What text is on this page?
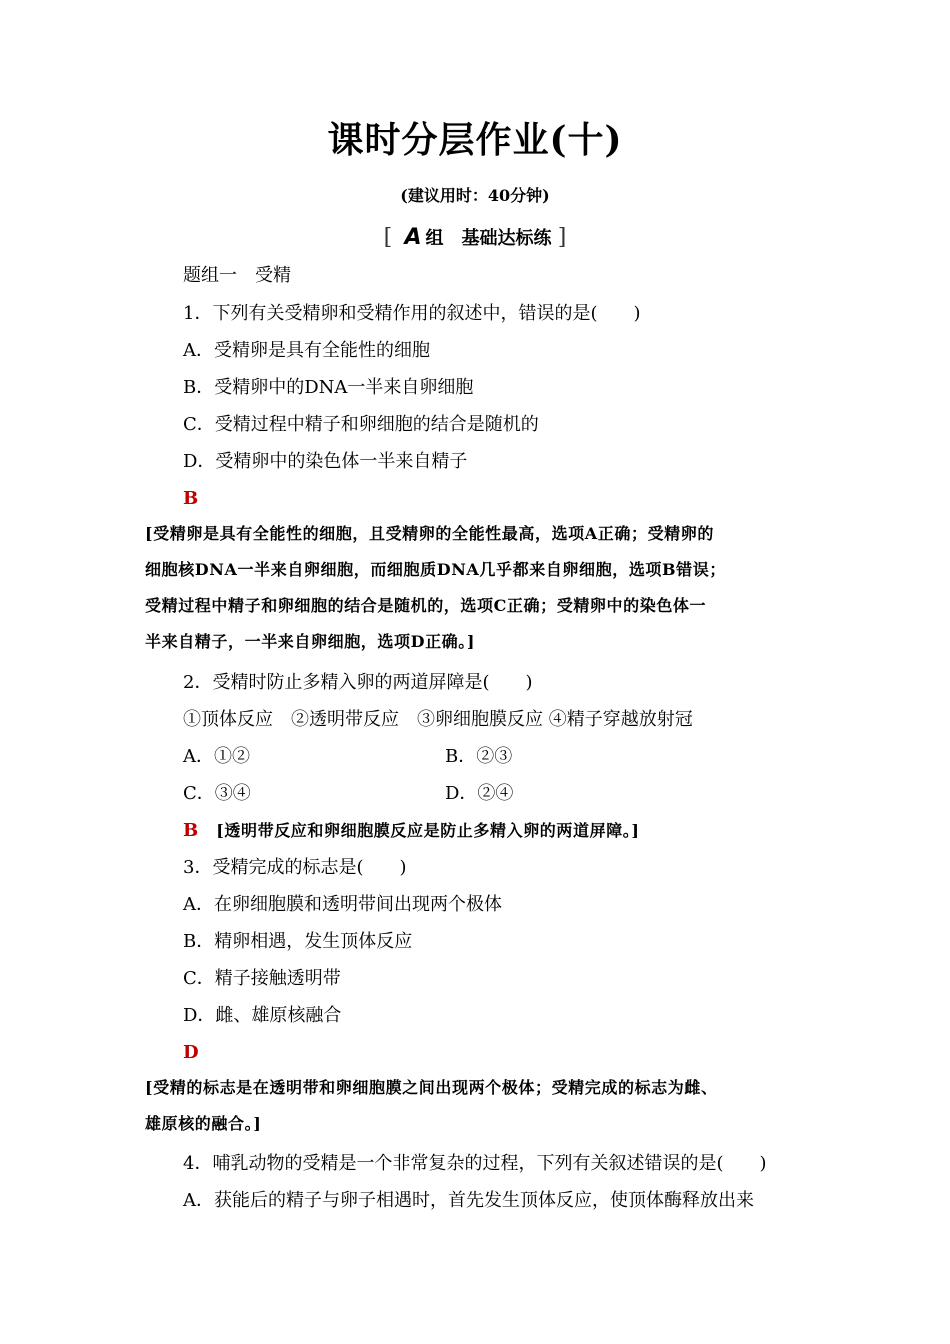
课时分层作业(十)
(建议用时：40分钟)
[ A 组　基础达标练 ]
题组一　受精
1．下列有关受精卵和受精作用的叙述中，错误的是(　　)
A．受精卵是具有全能性的细胞
B．受精卵中的DNA一半来自卵细胞
C．受精过程中精子和卵细胞的结合是随机的
D．受精卵中的染色体一半来自精子
B
[受精卵是具有全能性的细胞，且受精卵的全能性最高，选项A正确；受精卵的
细胞核DNA一半来自卵细胞，而细胞质DNA几乎都来自卵细胞，选项B错误；
受精过程中精子和卵细胞的结合是随机的，选项C正确；受精卵中的染色体一
半来自精子，一半来自卵细胞，选项D正确。]
2．受精时防止多精入卵的两道屏障是(　　)
①顶体反应　②透明带反应　③卵细胞膜反应 ④精子穿越放射冠
A．①②	B．②③
C．③④	D．②④
B [透明带反应和卵细胞膜反应是防止多精入卵的两道屏障。]
3．受精完成的标志是(　　)
A．在卵细胞膜和透明带间出现两个极体
B．精卵相遇，发生顶体反应
C．精子接触透明带
D．雌、雄原核融合
D
[受精的标志是在透明带和卵细胞膜之间出现两个极体；受精完成的标志为雌、
雄原核的融合。]
4．哺乳动物的受精是一个非常复杂的过程，下列有关叙述错误的是(　　)
A．获能后的精子与卵子相遇时，首先发生顶体反应，使顶体酶释放出来
